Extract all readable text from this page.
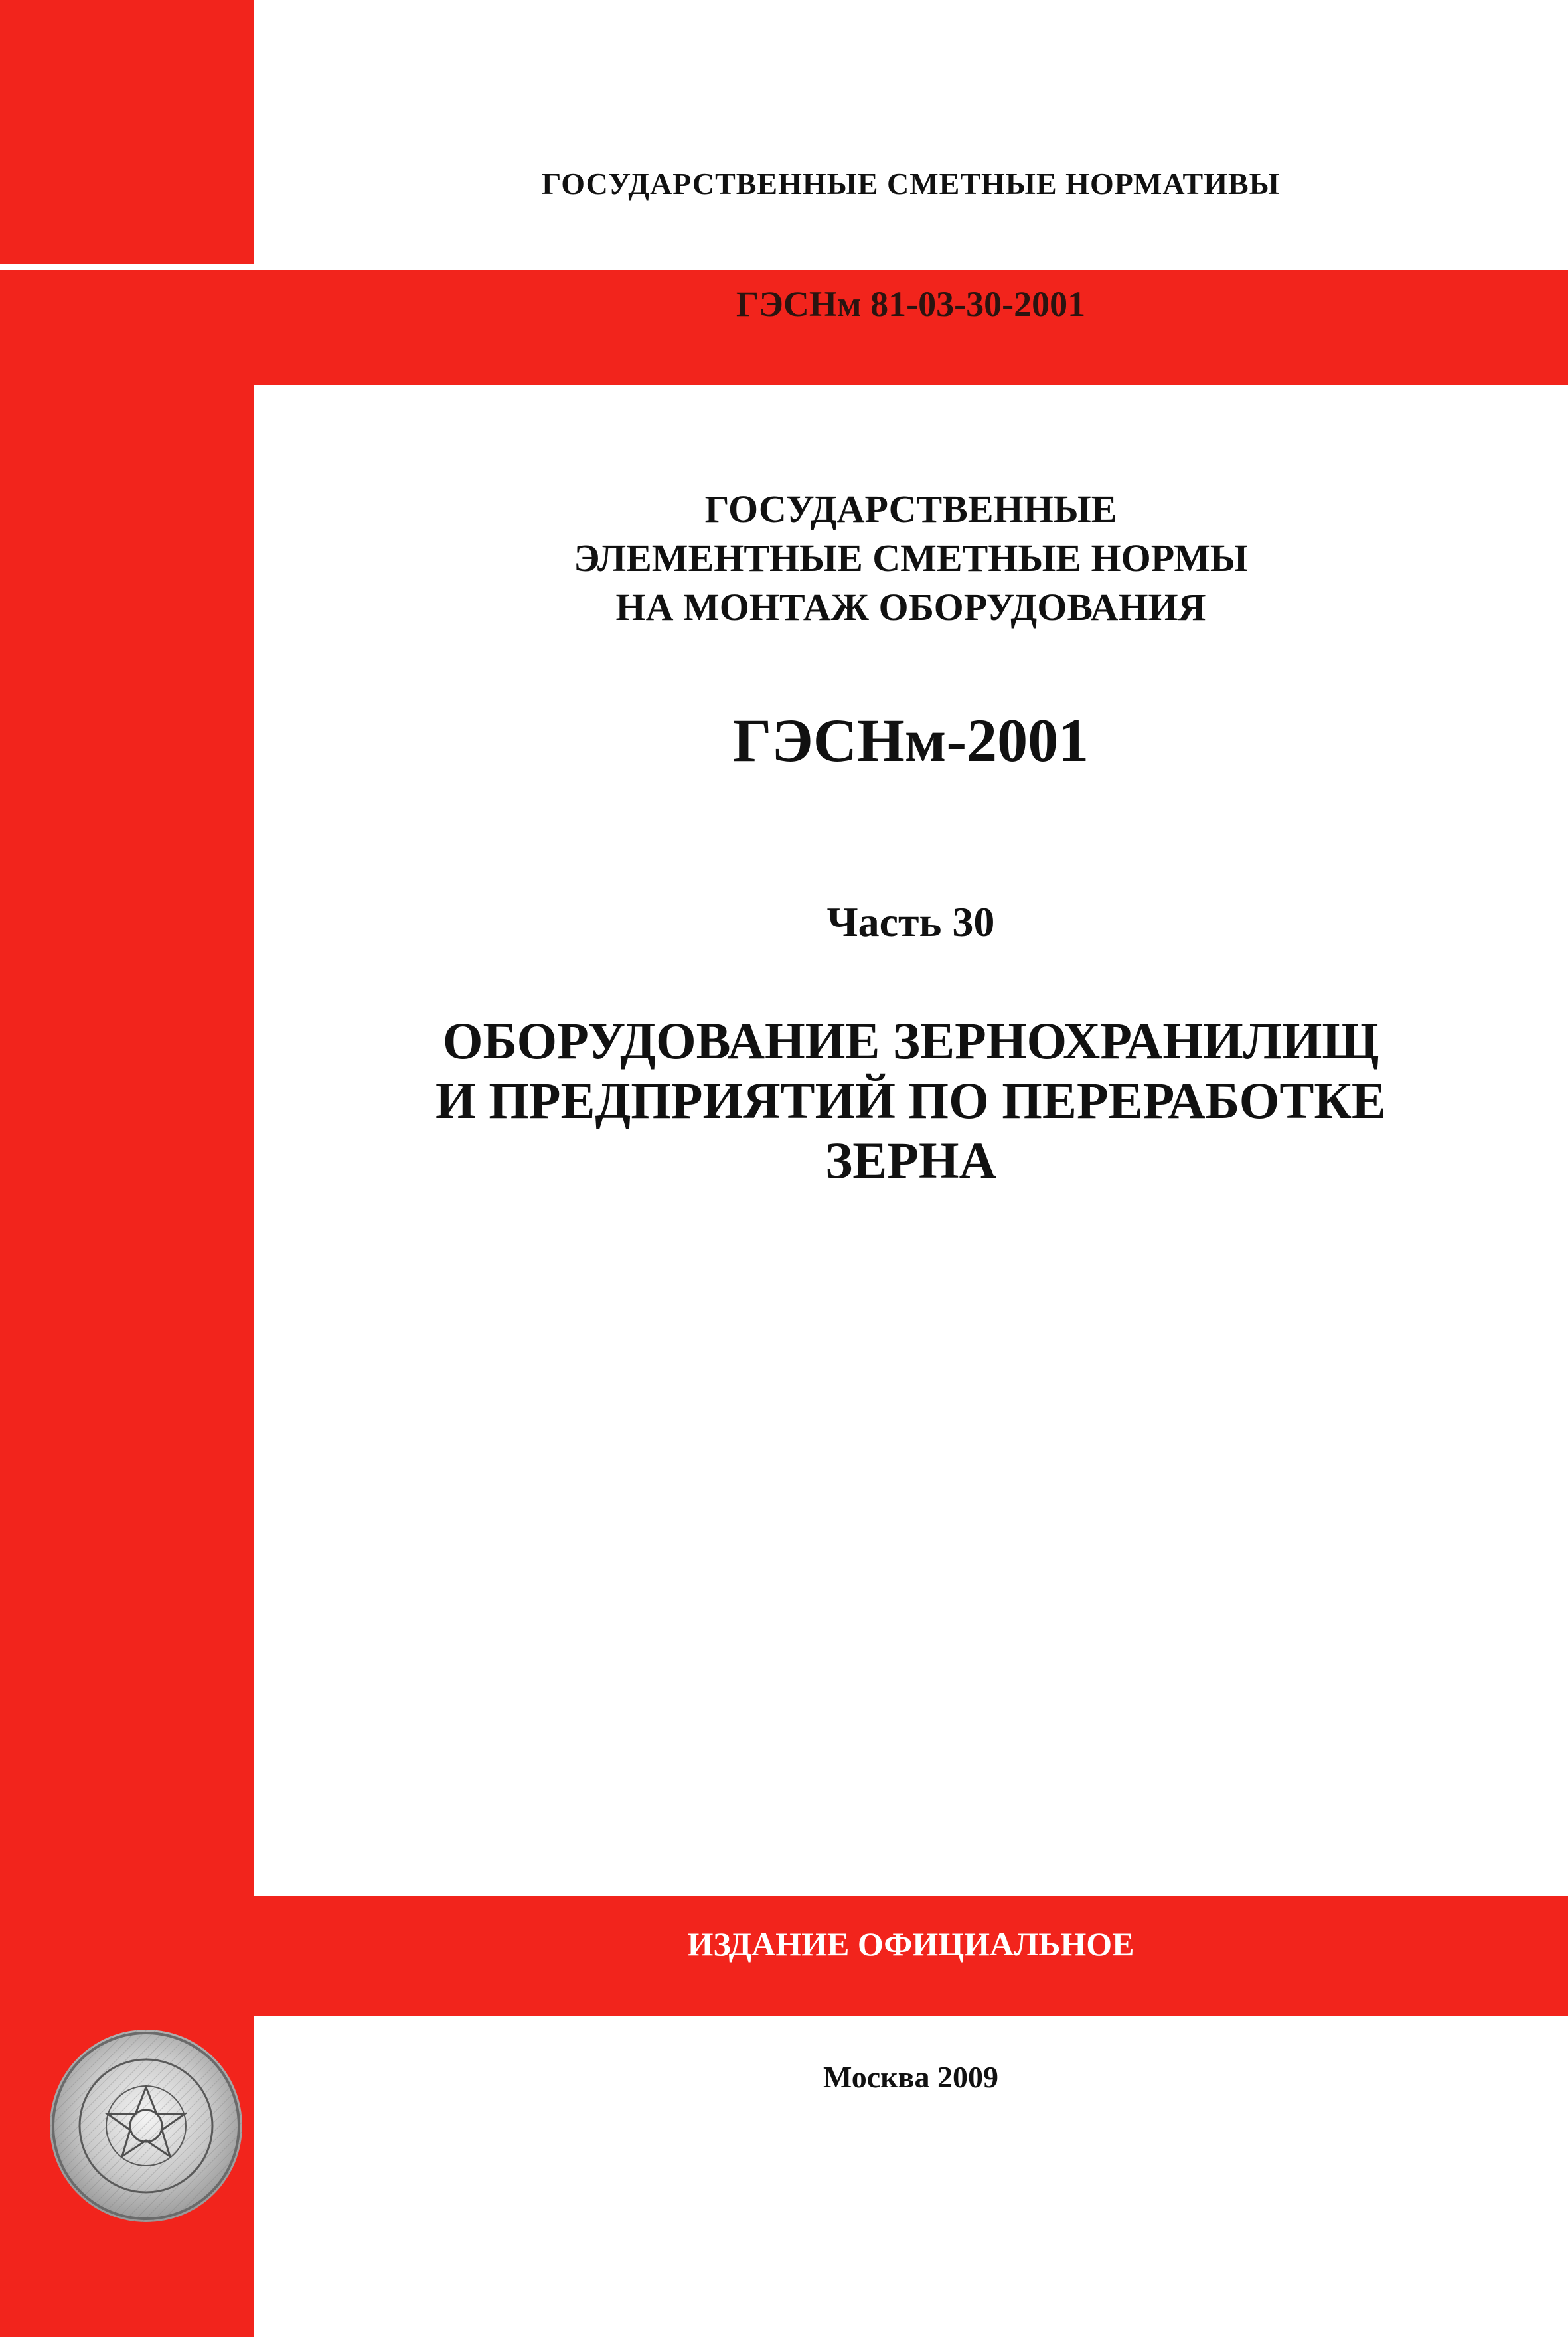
ГОСУДАРСТВЕННЫЕ СМЕТНЫЕ НОРМАТИВЫ
ГЭСНм 81-03-30-2001
ГОСУДАРСТВЕННЫЕ
ЭЛЕМЕНТНЫЕ СМЕТНЫЕ НОРМЫ
НА МОНТАЖ ОБОРУДОВАНИЯ
ГЭСНм-2001
Часть 30
ОБОРУДОВАНИЕ ЗЕРНОХРАНИЛИЩ
И ПРЕДПРИЯТИЙ ПО ПЕРЕРАБОТКЕ
ЗЕРНА
ИЗДАНИЕ ОФИЦИАЛЬНОЕ
Москва 2009
